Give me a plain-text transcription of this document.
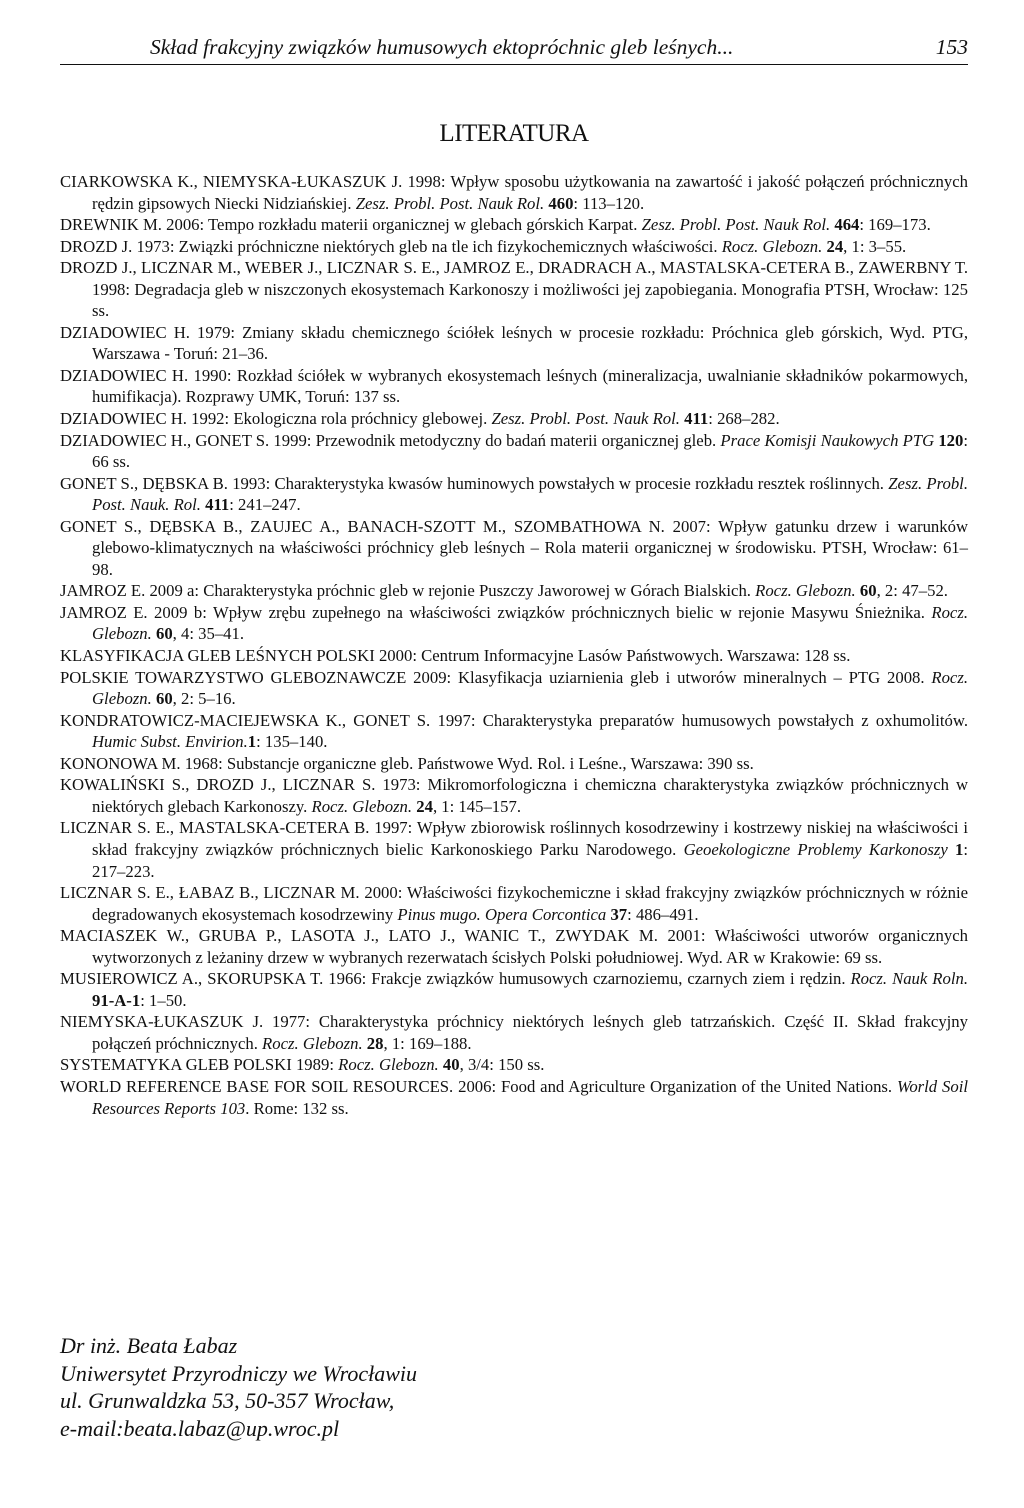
Skład frakcyjny związków humusowych ektopróchnic gleb leśnych...	153
LITERATURA

CIARKOWSKA K., NIEMYSKA-ŁUKASZUK J. 1998: Wpływ sposobu użytkowania na zawartość i jakość połączeń próchnicznych rędzin gipsowych Niecki Nidziańskiej. Zesz. Probl. Post. Nauk Rol. 460: 113–120.

DREWNIK M. 2006: Tempo rozkładu materii organicznej w glebach górskich Karpat. Zesz. Probl. Post. Nauk Rol. 464: 169–173.

DROZD J. 1973: Związki próchniczne niektórych gleb na tle ich fizykochemicznych właściwości. Rocz. Glebozn. 24, 1: 3–55.

DROZD J., LICZNAR M., WEBER J., LICZNAR S. E., JAMROZ E., DRADRACH A., MASTALSKA-CETERA B., ZAWERBNY T. 1998: Degradacja gleb w niszczonych ekosystemach Karkonoszy i możliwości jej zapobiegania. Monografia PTSH, Wrocław: 125 ss.

DZIADOWIEC H. 1979: Zmiany składu chemicznego ściółek leśnych w procesie rozkładu: Próchnica gleb górskich, Wyd. PTG, Warszawa - Toruń: 21–36.

DZIADOWIEC H. 1990: Rozkład ściółek w wybranych ekosystemach leśnych (mineralizacja, uwalnianie składników pokarmowych, humifikacja). Rozprawy UMK, Toruń: 137 ss.

DZIADOWIEC H. 1992: Ekologiczna rola próchnicy glebowej. Zesz. Probl. Post. Nauk Rol. 411: 268–282.

DZIADOWIEC H., GONET S. 1999: Przewodnik metodyczny do badań materii organicznej gleb. Prace Komisji Naukowych PTG 120: 66 ss.

GONET S., DĘBSKA B. 1993: Charakterystyka kwasów huminowych powstałych w procesie rozkładu resztek roślinnych. Zesz. Probl. Post. Nauk. Rol. 411: 241–247.

GONET S., DĘBSKA B., ZAUJEC A., BANACH-SZOTT M., SZOMBATHOWA N. 2007: Wpływ gatunku drzew i warunków glebowo-klimatycznych na właściwości próchnicy gleb leśnych – Rola materii organicznej w środowisku. PTSH, Wrocław: 61–98.

JAMROZ E. 2009 a: Charakterystyka próchnic gleb w rejonie Puszczy Jaworowej w Górach Bialskich. Rocz. Glebozn. 60, 2: 47–52.

JAMROZ E. 2009 b: Wpływ zrębu zupełnego na właściwości związków próchnicznych bielic w rejonie Masywu Śnieżnika. Rocz. Glebozn. 60, 4: 35–41.

KLASYFIKACJA GLEB LEŚNYCH POLSKI 2000: Centrum Informacyjne Lasów Państwowych. Warszawa: 128 ss.

POLSKIE TOWARZYSTWO GLEBOZNAWCZE 2009: Klasyfikacja uziarnienia gleb i utworów mineralnych – PTG 2008. Rocz. Glebozn. 60, 2: 5–16.

KONDRATOWICZ-MACIEJEWSKA K., GONET S. 1997: Charakterystyka preparatów humusowych powstałych z oxhumolitów. Humic Subst. Envirion.1: 135–140.

KONONOWA M. 1968: Substancje organiczne gleb. Państwowe Wyd. Rol. i Leśne., Warszawa: 390 ss.

KOWALIŃSKI S., DROZD J., LICZNAR S. 1973: Mikromorfologiczna i chemiczna charakterystyka związków próchnicznych w niektórych glebach Karkonoszy. Rocz. Glebozn. 24, 1: 145–157.

LICZNAR S. E., MASTALSKA-CETERA B. 1997: Wpływ zbiorowisk roślinnych kosodrzewiny i kostrzewy niskiej na właściwości i skład frakcyjny związków próchnicznych bielic Karkonoskiego Parku Narodowego. Geoekologiczne Problemy Karkonoszy 1: 217–223.

LICZNAR S. E., ŁABAZ B., LICZNAR M. 2000: Właściwości fizykochemiczne i skład frakcyjny związków próchnicznych w różnie degradowanych ekosystemach kosodrzewiny Pinus mugo. Opera Corcontica 37: 486–491.

MACIASZEK W., GRUBA P., LASOTA J., LATO J., WANIC T., ZWYDAK M. 2001: Właściwości utworów organicznych wytworzonych z leżaniny drzew w wybranych rezerwatach ścisłych Polski południowej. Wyd. AR w Krakowie: 69 ss.

MUSIEROWICZ A., SKORUPSKA T. 1966: Frakcje związków humusowych czarnoziemu, czarnych ziem i rędzin. Rocz. Nauk Roln. 91-A-1: 1–50.

NIEMYSKA-ŁUKASZUK J. 1977: Charakterystyka próchnicy niektórych leśnych gleb tatrzańskich. Część II. Skład frakcyjny połączeń próchnicznych. Rocz. Glebozn. 28, 1: 169–188.

SYSTEMATYKA GLEB POLSKI 1989: Rocz. Glebozn. 40, 3/4: 150 ss.

WORLD REFERENCE BASE FOR SOIL RESOURCES. 2006: Food and Agriculture Organization of the United Nations. World Soil Resources Reports 103. Rome: 132 ss.

Dr inż. Beata Łabaz
Uniwersytet Przyrodniczy we Wrocławiu
ul. Grunwaldzka 53, 50-357 Wrocław,
e-mail:beata.labaz@up.wroc.pl
